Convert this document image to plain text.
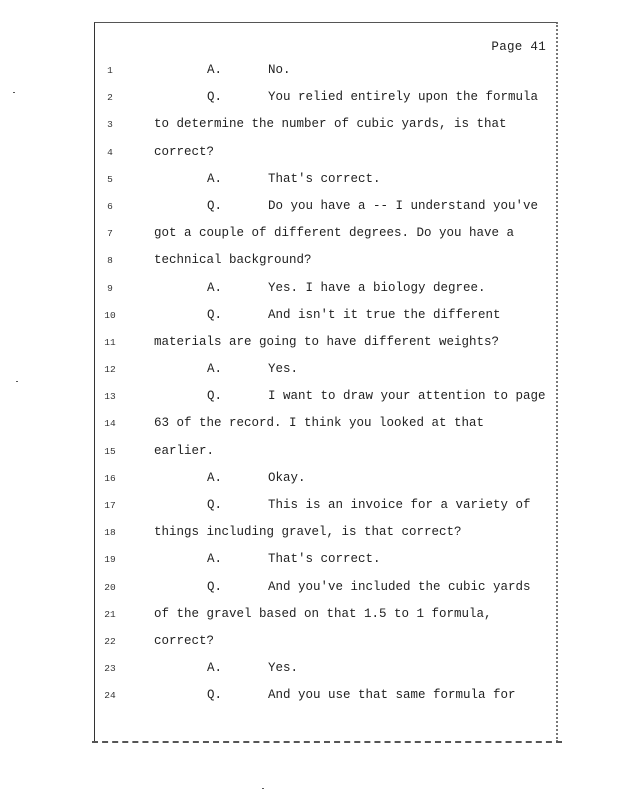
Page 41
1	A.	No.
2	Q.	You relied entirely upon the formula
3	to determine the number of cubic yards, is that
4	correct?
5	A.	That's correct.
6	Q.	Do you have a -- I understand you've
7	got a couple of different degrees. Do you have a
8	technical background?
9	A.	Yes. I have a biology degree.
10	Q.	And isn't it true the different
11	materials are going to have different weights?
12	A.	Yes.
13	Q.	I want to draw your attention to page
14	63 of the record. I think you looked at that
15	earlier.
16	A.	Okay.
17	Q.	This is an invoice for a variety of
18	things including gravel, is that correct?
19	A.	That's correct.
20	Q.	And you've included the cubic yards
21	of the gravel based on that 1.5 to 1 formula,
22	correct?
23	A.	Yes.
24	Q.	And you use that same formula for
